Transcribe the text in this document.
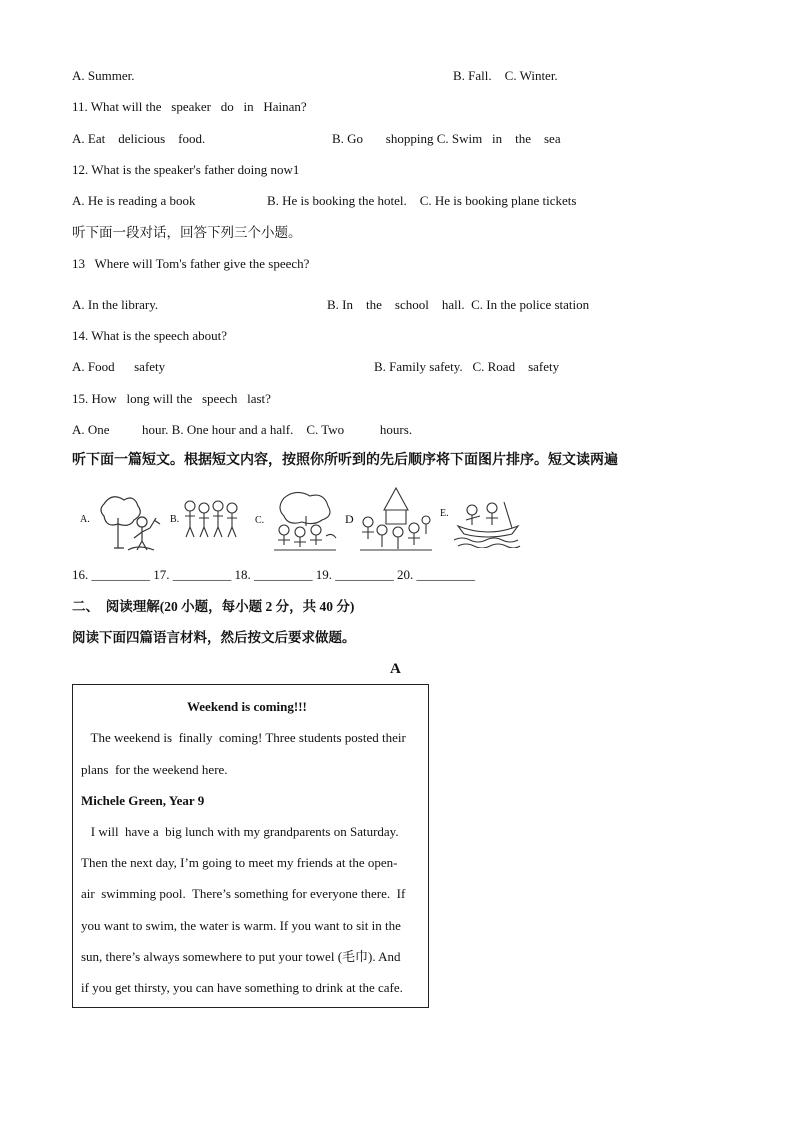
A. Summer.	B. Fall.    C. Winter.
11. What will the   speaker   do   in   Hainan?
A. Eat    delicious    food.	B. Go       shopping C. Swim   in    the    sea
12. What is the speaker's father doing now1
A. He is reading a book                      B. He is booking the hotel.    C. He is booking plane tickets
听下面一段对话，回答下列三个小题。
13   Where will Tom's father give the speech?
A. In the library.	B. In    the    school    hall.  C. In the police station
14. What is the speech about?
A. Food      safety	B. Family safety.   C. Road    safety
15. How   long will the   speech   last?
A. One          hour. B. One hour and a half.    C. Two           hours.
听下面一篇短文。根据短文内容，按照你所听到的先后顺序将下面图片排序。短文读两遍
A.	B.	C.	D	E.
16. _________ 17. _________ 18. _________ 19. _________ 20. _________
二、  阅读理解(20 小题，每小题 2 分，共 40 分)
阅读下面四篇语言材料，然后按文后要求做题。
A
Weekend is coming!!!
The weekend is  finally  coming! Three students posted their
plans  for the weekend here.
Michele Green, Year 9
I will  have a  big lunch with my grandparents on Saturday.
Then the next day, I’m going to meet my friends at the open-
air  swimming pool.  There’s something for everyone there.  If
you want to swim, the water is warm. If you want to sit in the
sun, there’s always somewhere to put your towel (毛巾). And
if you get thirsty, you can have something to drink at the cafe.
